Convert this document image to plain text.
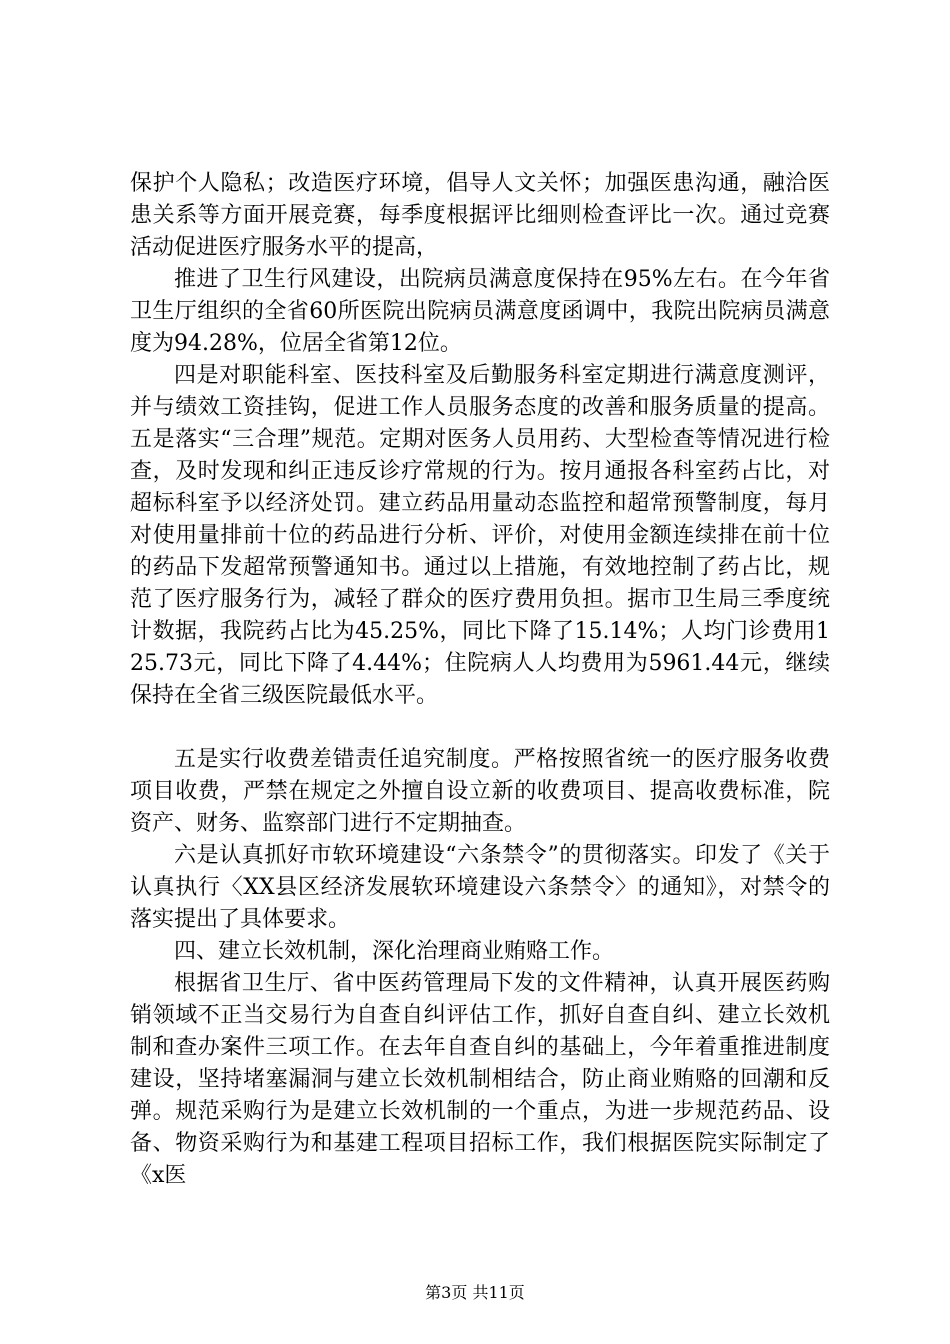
保护个人隐私；改造医疗环境，倡导人文关怀；加强医患沟通，融洽医患关系等方面开展竞赛，每季度根据评比细则检查评比一次。通过竞赛活动促进医疗服务水平的提高，

推进了卫生行风建设，出院病员满意度保持在95%左右。在今年省卫生厅组织的全省60所医院出院病员满意度函调中，我院出院病员满意度为94.28%，位居全省第12位。

四是对职能科室、医技科室及后勤服务科室定期进行满意度测评，并与绩效工资挂钩，促进工作人员服务态度的改善和服务质量的提高。五是落实“三合理”规范。定期对医务人员用药、大型检查等情况进行检查，及时发现和纠正违反诊疗常规的行为。按月通报各科室药占比，对超标科室予以经济处罚。建立药品用量动态监控和超常预警制度，每月对使用量排前十位的药品进行分析、评价，对使用金额连续排在前十位的药品下发超常预警通知书。通过以上措施，有效地控制了药占比，规范了医疗服务行为，减轻了群众的医疗费用负担。据市卫生局三季度统计数据，我院药占比为45.25%，同比下降了15.14%；人均门诊费用125.73元，同比下降了4.44%；住院病人人均费用为5961.44元，继续保持在全省三级医院最低水平。

五是实行收费差错责任追究制度。严格按照省统一的医疗服务收费项目收费，严禁在规定之外擅自设立新的收费项目、提高收费标准，院资产、财务、监察部门进行不定期抽查。

六是认真抓好市软环境建设“六条禁令”的贯彻落实。印发了《关于认真执行〈XX县区经济发展软环境建设六条禁令〉的通知》，对禁令的落实提出了具体要求。

四、建立长效机制，深化治理商业贿赂工作。

根据省卫生厅、省中医药管理局下发的文件精神，认真开展医药购销领域不正当交易行为自查自纠评估工作，抓好自查自纠、建立长效机制和查办案件三项工作。在去年自查自纠的基础上，今年着重推进制度建设，坚持堵塞漏洞与建立长效机制相结合，防止商业贿赂的回潮和反弹。规范采购行为是建立长效机制的一个重点，为进一步规范药品、设备、物资采购行为和基建工程项目招标工作，我们根据医院实际制定了《x医

第3页 共11页
